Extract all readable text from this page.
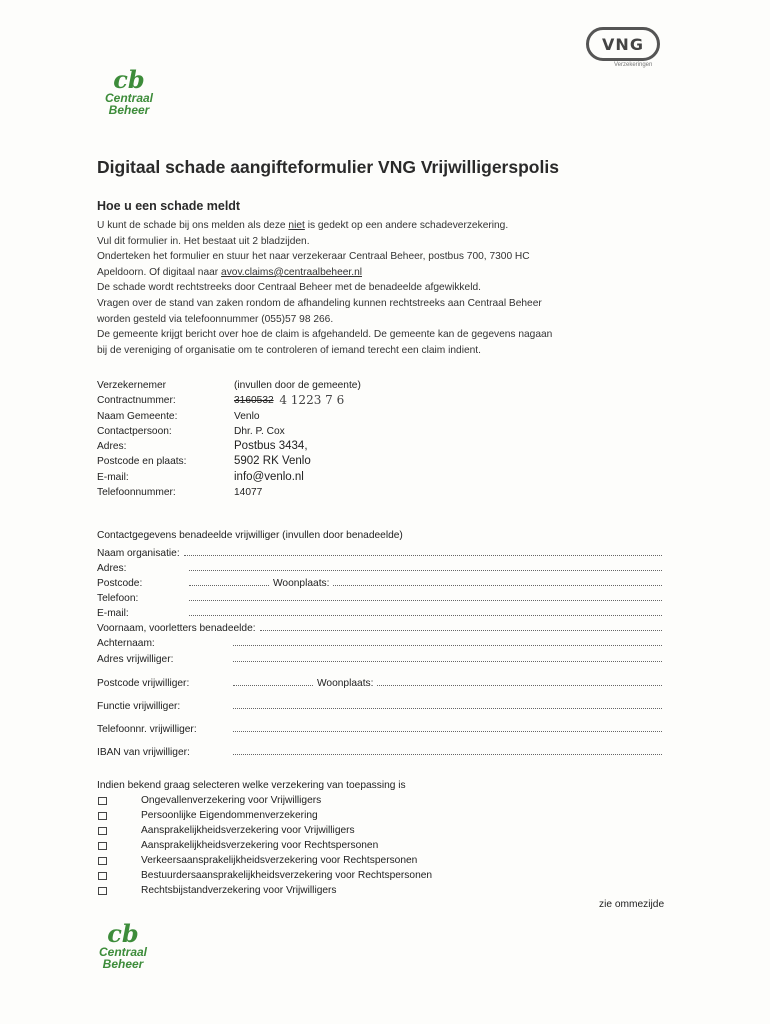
VNG
Verzekeringen
cb
Centraal
Beheer
Digitaal schade aangifteformulier VNG Vrijwilligerspolis
Hoe u een schade meldt

U kunt de schade bij ons melden als deze niet is gedekt op een andere schadeverzekering.

Vul dit formulier in. Het bestaat uit 2 bladzijden.

Onderteken het formulier en stuur het naar verzekeraar Centraal Beheer, postbus 700, 7300 HC

Apeldoorn. Of digitaal naar avov.claims@centraalbeheer.nl

De schade wordt rechtstreeks door Centraal Beheer met de benadeelde afgewikkeld.

Vragen over de stand van zaken rondom de afhandeling kunnen rechtstreeks aan Centraal Beheer

worden gesteld via telefoonnummer (055)57 98 266.

De gemeente krijgt bericht over hoe de claim is afgehandeld. De gemeente kan de gegevens nagaan

bij de vereniging of organisatie om te controleren of iemand terecht een claim indient.

Verzekernemer	(invullen door de gemeente)
Contractnummer:	3160532
4 1223 7 6
Naam Gemeente:	Venlo
Contactpersoon:	Dhr. P. Cox
Adres:	Postbus 3434,
Postcode en plaats:	5902 RK Venlo
E-mail:	info@venlo.nl
Telefoonnummer:	14077
Contactgegevens benadeelde vrijwilliger (invullen door benadeelde)
Naam organisatie:
Adres:
Postcode:	Woonplaats:
Telefoon:
E-mail:
Voornaam, voorletters benadeelde:
Achternaam:
Adres vrijwilliger:
Postcode vrijwilliger:	Woonplaats:
Functie vrijwilliger:
Telefoonnr. vrijwilliger:
IBAN van vrijwilliger:
Indien bekend graag selecteren welke verzekering van toepassing is
Ongevallenverzekering voor Vrijwilligers
Persoonlijke Eigendommenverzekering
Aansprakelijkheidsverzekering voor Vrijwilligers
Aansprakelijkheidsverzekering voor Rechtspersonen
Verkeersaansprakelijkheidsverzekering voor Rechtspersonen
Bestuurdersaansprakelijkheidsverzekering voor Rechtspersonen
Rechtsbijstandverzekering voor Vrijwilligers
zie ommezijde
cb
Centraal
Beheer
